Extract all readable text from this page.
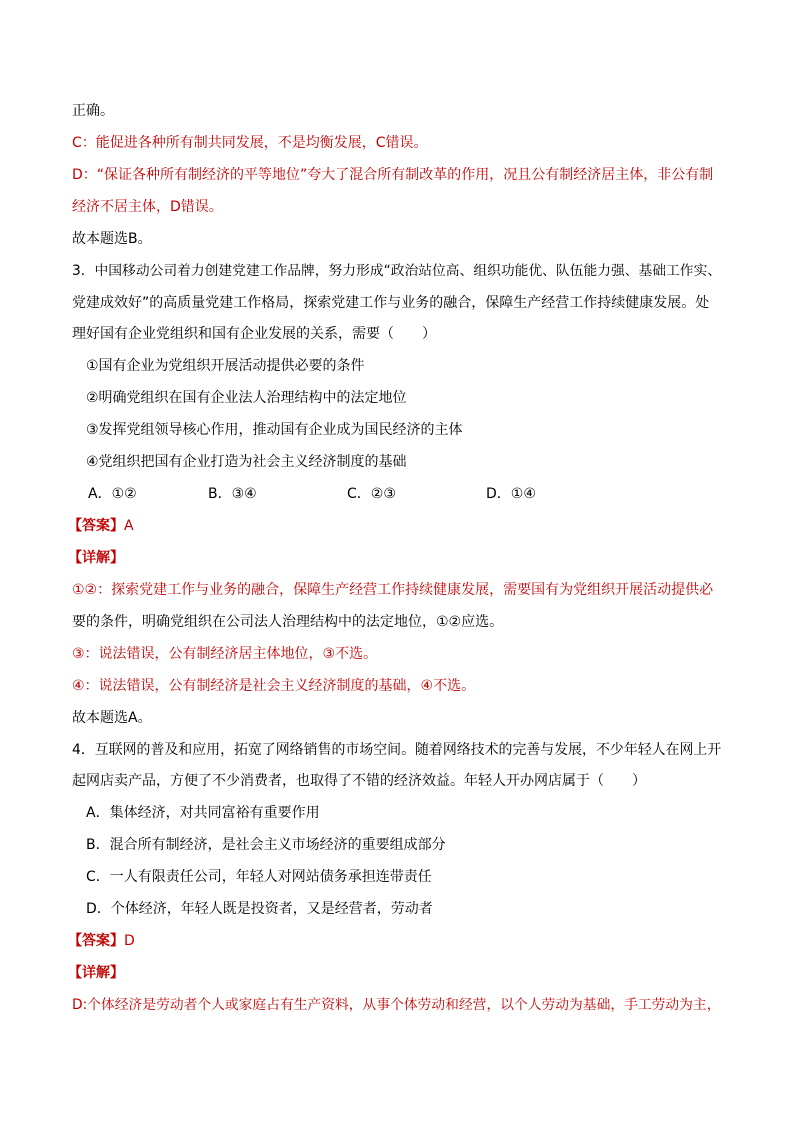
正确。
C：能促进各种所有制共同发展，不是均衡发展，C错误。
D：“保证各种所有制经济的平等地位”夸大了混合所有制改革的作用，况且公有制经济居主体，非公有制
经济不居主体，D错误。
故本题选B。
3．中国移动公司着力创建党建工作品牌，努力形成“政治站位高、组织功能优、队伍能力强、基础工作实、
党建成效好”的高质量党建工作格局，探索党建工作与业务的融合，保障生产经营工作持续健康发展。处
理好国有企业党组织和国有企业发展的关系，需要（　　）
①国有企业为党组织开展活动提供必要的条件
②明确党组织在国有企业法人治理结构中的法定地位
③发挥党组领导核心作用，推动国有企业成为国民经济的主体
④党组织把国有企业打造为社会主义经济制度的基础
A．①②	B．③④	C．②③	D．①④
【答案】A
【详解】
①②：探索党建工作与业务的融合，保障生产经营工作持续健康发展，需要国有为党组织开展活动提供必
要的条件，明确党组织在公司法人治理结构中的法定地位，①②应选。
③：说法错误，公有制经济居主体地位，③不选。
④：说法错误，公有制经济是社会主义经济制度的基础，④不选。
故本题选A。
4．互联网的普及和应用，拓宽了网络销售的市场空间。随着网络技术的完善与发展，不少年轻人在网上开
起网店卖产品，方便了不少消费者，也取得了不错的经济效益。年轻人开办网店属于（　　）
A．集体经济，对共同富裕有重要作用
B．混合所有制经济，是社会主义市场经济的重要组成部分
C．一人有限责任公司，年轻人对网站债务承担连带责任
D．个体经济，年轻人既是投资者，又是经营者，劳动者
【答案】D
【详解】
D:个体经济是劳动者个人或家庭占有生产资料，从事个体劳动和经营，以个人劳动为基础，手工劳动为主，
